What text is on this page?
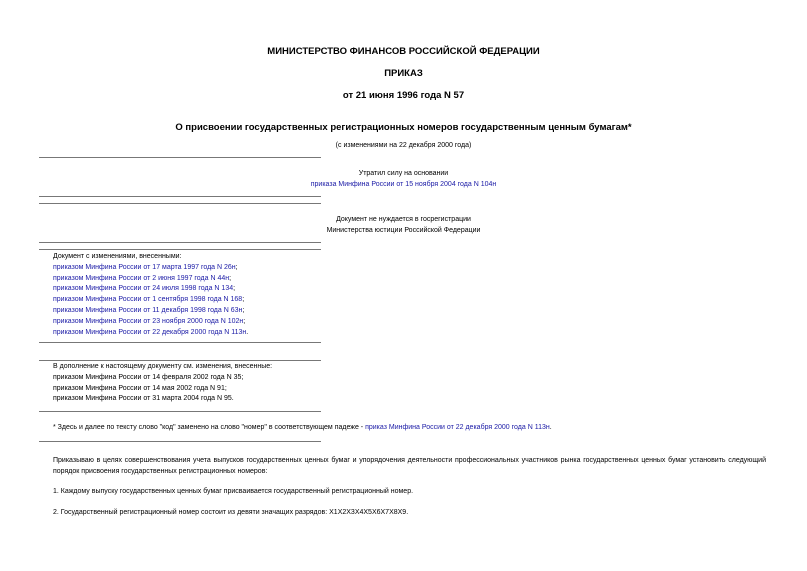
МИНИСТЕРСТВО ФИНАНСОВ РОССИЙСКОЙ ФЕДЕРАЦИИ
ПРИКАЗ
от 21 июня 1996 года N 57
О присвоении государственных регистрационных номеров государственным ценным бумагам*
(с изменениями на 22 декабря 2000 года)
Утратил силу на основании
приказа Минфина России от 15 ноября 2004 года N 104н
Документ не нуждается в госрегистрации
Министерства юстиции Российской Федерации
Документ с изменениями, внесенными:
приказом Минфина России от 17 марта 1997 года N 26н;
приказом Минфина России от 2 июня 1997 года N 44н;
приказом Минфина России от 24 июля 1998 года N 134;
приказом Минфина России от 1 сентября 1998 года N 168;
приказом Минфина России от 11 декабря 1998 года N 63н;
приказом Минфина России от 23 ноября 2000 года N 102н;
приказом Минфина России от 22 декабря 2000 года N 113н.
В дополнение к настоящему документу см. изменения, внесенные:
приказом Минфина России от 14 февраля 2002 года N 35;
приказом Минфина России от 14 мая 2002 года N 91;
приказом Минфина России от 31 марта 2004 года N 95.
* Здесь и далее по тексту слово "код" заменено на слово "номер" в соответствующем падеже - приказ Минфина России от 22 декабря 2000 года N 113н.
Приказываю в целях совершенствования учета выпусков государственных ценных бумаг и упорядочения деятельности профессиональных участников рынка государственных ценных бумаг установить следующий порядок присвоения государственных регистрационных номеров:
1. Каждому выпуску государственных ценных бумаг присваивается государственный регистрационный номер.
2. Государственный регистрационный номер состоит из девяти значащих разрядов: X1X2X3X4X5X6X7X8X9.
